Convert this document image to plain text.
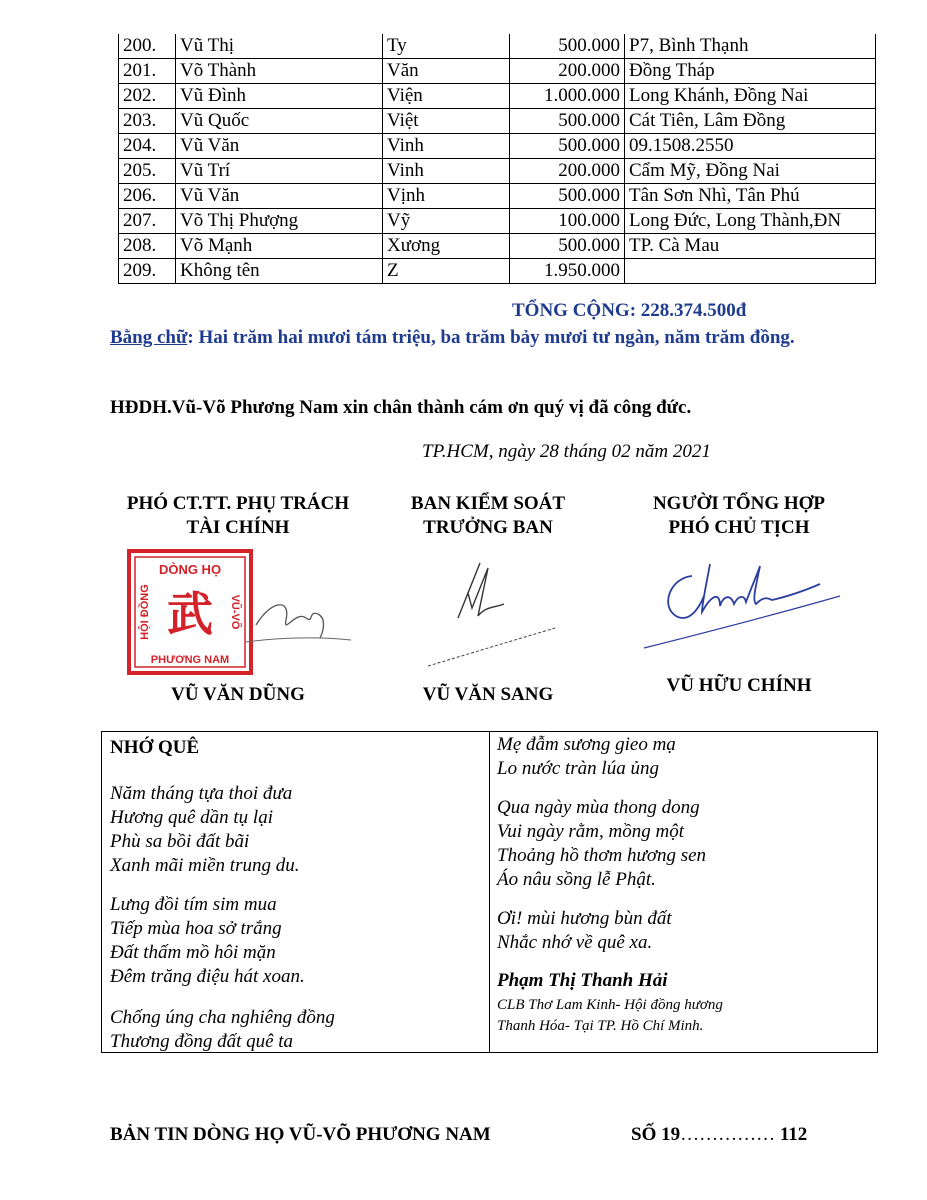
200.	Vũ Thị	Ty	500.000	P7, Bình Thạnh
201.	Võ Thành	Văn	200.000	Đồng Tháp
202.	Vũ Đình	Viện	1.000.000	Long Khánh, Đồng Nai
203.	Vũ Quốc	Việt	500.000	Cát Tiên, Lâm Đồng
204.	Vũ Văn	Vinh	500.000	09.1508.2550
205.	Vũ Trí	Vinh	200.000	Cẩm Mỹ, Đồng Nai
206.	Vũ Văn	Vịnh	500.000	Tân Sơn Nhì, Tân Phú
207.	Võ Thị Phượng	Vỹ	100.000	Long Đức, Long Thành,ĐN
208.	Võ Mạnh	Xương	500.000	TP. Cà Mau
209.	Không tên	Z	1.950.000	
TỔNG CỘNG: 228.374.500đ
Bằng chữ: Hai trăm hai mươi tám triệu, ba trăm bảy mươi tư ngàn, năm trăm đồng.
HĐDH.Vũ-Võ Phương Nam xin chân thành cám ơn quý vị đã công đức.
TP.HCM, ngày 28 tháng 02 năm 2021
PHÓ CT.TT. PHỤ TRÁCH
TÀI CHÍNH
BAN KIỂM SOÁT
TRƯỞNG BAN
NGƯỜI TỔNG HỢP
PHÓ CHỦ TỊCH
DÒNG HỌ
PHƯƠNG NAM
HỘI ĐỒNG	VŨ-VÕ
武
VŨ VĂN DŨNG	VŨ VĂN SANG	VŨ HỮU CHÍNH
NHỚ QUÊ
Năm tháng tựa thoi đưa
Hương quê dần tụ lại
Phù sa bồi đất bãi
Xanh mãi miền trung du.
Lưng đồi tím sim mua
Tiếp mùa hoa sở trắng
Đất thấm mồ hôi mặn
Đêm trăng điệu hát xoan.
Chống úng cha nghiêng đồng
Thương đồng đất quê ta
Mẹ đẫm sương gieo mạ
Lo nước tràn lúa ủng
Qua ngày mùa thong dong
Vui ngày rằm, mồng một
Thoảng hồ thơm hương sen
Áo nâu sồng lễ Phật.
Ơi! mùi hương bùn đất
Nhắc nhớ về quê xa.
Phạm Thị Thanh Hải
CLB Thơ Lam Kinh- Hội đồng hương
Thanh Hóa- Tại TP. Hồ Chí Minh.
BẢN TIN DÒNG HỌ VŨ-VÕ PHƯƠNG NAM	SỐ 19…………… 112
